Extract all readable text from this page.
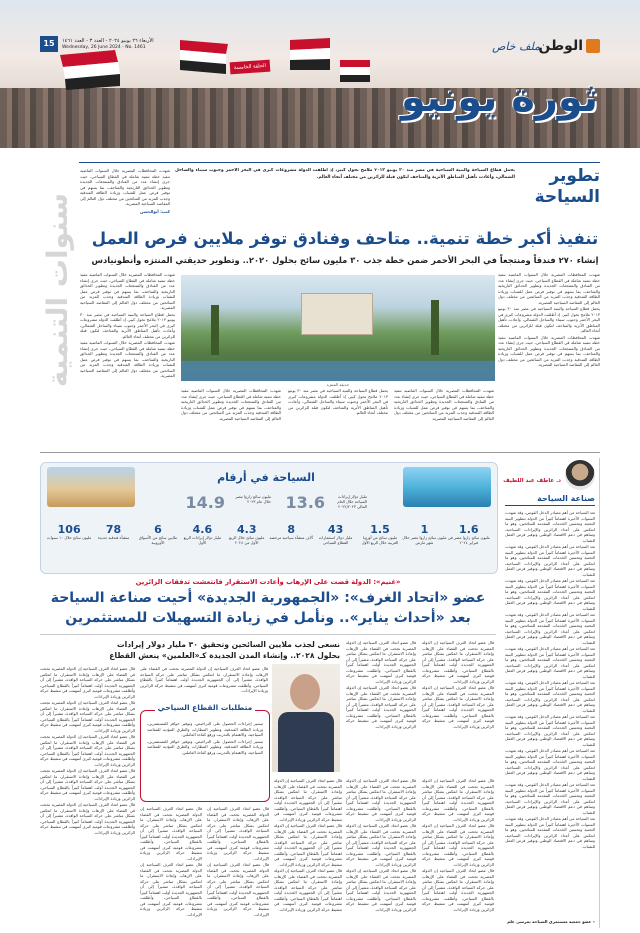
الوطن
ملف خاص
الأربعاء ٢٦ يونيو ٢٠٢٤ - العدد ٣ - العدد ١٤٦١
Wednesday, 26 June 2024 - No. 1461
15
الحلقة الخامسة
ثورة يونيو
سنوات التنمية
تطوير
السياحة
يحمل قطاع السياحة والبنية السياحية في مصر منذ ٣٠ يونيو ٢٠١٣ ملامح تحول كبير، إذ أطلقت الدولة مشروعات كبرى في البحر الأحمر وجنوب سيناء والساحل الشمالي، وأعادت تأهيل المناطق الأثرية والمتاحف لتكون قبلة للزائرين من مختلف أنحاء العالم.
شهدت المحافظات المصرية خلال السنوات الماضية تنفيذ خطة تنمية شاملة في القطاع السياحي، حيث جرى إنشاء عدد من الفنادق والمنتجعات الجديدة وتطوير الحدائق التاريخية والمتاحف، بما يسهم في توفير فرص عمل للشباب وزيادة الطاقة الفندقية وجذب المزيد من السائحين من مختلف دول العالم إلى المقاصد السياحية المصرية.
كتب: أبوالحسن
تنفيذ أكبر خطة تنمية.. متاحف وفنادق توفر ملايين فرص العمل
إنشاء ٢٧٠ فندقاً ومنتجعاً في البحر الأحمر ضمن خطة جذب ٣٠ مليون سائح بحلول ٢٠٢٠.. وتطوير حديقتي المنتزه وأنطونيادس

شهدت المحافظات المصرية خلال السنوات الماضية تنفيذ خطة تنمية شاملة في القطاع السياحي، حيث جرى إنشاء عدد من الفنادق والمنتجعات الجديدة وتطوير الحدائق التاريخية والمتاحف، بما يسهم في توفير فرص عمل للشباب وزيادة الطاقة الفندقية وجذب المزيد من السائحين من مختلف دول العالم إلى المقاصد السياحية المصرية.

يحمل قطاع السياحة والبنية السياحية في مصر منذ ٣٠ يونيو ٢٠١٣ ملامح تحول كبير، إذ أطلقت الدولة مشروعات كبرى في البحر الأحمر وجنوب سيناء والساحل الشمالي، وأعادت تأهيل المناطق الأثرية والمتاحف لتكون قبلة للزائرين من مختلف أنحاء العالم.

شهدت المحافظات المصرية خلال السنوات الماضية تنفيذ خطة تنمية شاملة في القطاع السياحي، حيث جرى إنشاء عدد من الفنادق والمنتجعات الجديدة وتطوير الحدائق التاريخية والمتاحف، بما يسهم في توفير فرص عمل للشباب وزيادة الطاقة الفندقية وجذب المزيد من السائحين من مختلف دول العالم إلى المقاصد السياحية المصرية.

شهدت المحافظات المصرية خلال السنوات الماضية تنفيذ خطة تنمية شاملة في القطاع السياحي، حيث جرى إنشاء عدد من الفنادق والمنتجعات الجديدة وتطوير الحدائق التاريخية والمتاحف، بما يسهم في توفير فرص عمل للشباب وزيادة الطاقة الفندقية وجذب المزيد من السائحين من مختلف دول العالم إلى المقاصد السياحية المصرية.

يحمل قطاع السياحة والبنية السياحية في مصر منذ ٣٠ يونيو ٢٠١٣ ملامح تحول كبير، إذ أطلقت الدولة مشروعات كبرى في البحر الأحمر وجنوب سيناء والساحل الشمالي، وأعادت تأهيل المناطق الأثرية والمتاحف لتكون قبلة للزائرين من مختلف أنحاء العالم.

شهدت المحافظات المصرية خلال السنوات الماضية تنفيذ خطة تنمية شاملة في القطاع السياحي، حيث جرى إنشاء عدد من الفنادق والمنتجعات الجديدة وتطوير الحدائق التاريخية والمتاحف، بما يسهم في توفير فرص عمل للشباب وزيادة الطاقة الفندقية وجذب المزيد من السائحين من مختلف دول العالم إلى المقاصد السياحية المصرية.

حديقة المنتزه

شهدت المحافظات المصرية خلال السنوات الماضية تنفيذ خطة تنمية شاملة في القطاع السياحي، حيث جرى إنشاء عدد من الفنادق والمنتجعات الجديدة وتطوير الحدائق التاريخية والمتاحف، بما يسهم في توفير فرص عمل للشباب وزيادة الطاقة الفندقية وجذب المزيد من السائحين من مختلف دول العالم إلى المقاصد السياحية المصرية.

يحمل قطاع السياحة والبنية السياحية في مصر منذ ٣٠ يونيو ٢٠١٣ ملامح تحول كبير، إذ أطلقت الدولة مشروعات كبرى في البحر الأحمر وجنوب سيناء والساحل الشمالي، وأعادت تأهيل المناطق الأثرية والمتاحف لتكون قبلة للزائرين من مختلف أنحاء العالم.

شهدت المحافظات المصرية خلال السنوات الماضية تنفيذ خطة تنمية شاملة في القطاع السياحي، حيث جرى إنشاء عدد من الفنادق والمنتجعات الجديدة وتطوير الحدائق التاريخية والمتاحف، بما يسهم في توفير فرص عمل للشباب وزيادة الطاقة الفندقية وجذب المزيد من السائحين من مختلف دول العالم إلى المقاصد السياحية المصرية.

د. عاطف عبد اللطيف
صناعة السياحة

تعد السياحة من أهم مصادر الدخل القومي، وقد شهدت السنوات الأخيرة اهتماماً كبيراً من الدولة بتطوير البنية التحتية وتحسين الخدمات المقدمة للسائحين، وهو ما انعكس على أعداد الزائرين والإيرادات السياحية، وساهم في دعم الاقتصاد الوطني وتوفير فرص العمل للشباب.

تعد السياحة من أهم مصادر الدخل القومي، وقد شهدت السنوات الأخيرة اهتماماً كبيراً من الدولة بتطوير البنية التحتية وتحسين الخدمات المقدمة للسائحين، وهو ما انعكس على أعداد الزائرين والإيرادات السياحية، وساهم في دعم الاقتصاد الوطني وتوفير فرص العمل للشباب.

تعد السياحة من أهم مصادر الدخل القومي، وقد شهدت السنوات الأخيرة اهتماماً كبيراً من الدولة بتطوير البنية التحتية وتحسين الخدمات المقدمة للسائحين، وهو ما انعكس على أعداد الزائرين والإيرادات السياحية، وساهم في دعم الاقتصاد الوطني وتوفير فرص العمل للشباب.

تعد السياحة من أهم مصادر الدخل القومي، وقد شهدت السنوات الأخيرة اهتماماً كبيراً من الدولة بتطوير البنية التحتية وتحسين الخدمات المقدمة للسائحين، وهو ما انعكس على أعداد الزائرين والإيرادات السياحية، وساهم في دعم الاقتصاد الوطني وتوفير فرص العمل للشباب.

تعد السياحة من أهم مصادر الدخل القومي، وقد شهدت السنوات الأخيرة اهتماماً كبيراً من الدولة بتطوير البنية التحتية وتحسين الخدمات المقدمة للسائحين، وهو ما انعكس على أعداد الزائرين والإيرادات السياحية، وساهم في دعم الاقتصاد الوطني وتوفير فرص العمل للشباب.

تعد السياحة من أهم مصادر الدخل القومي، وقد شهدت السنوات الأخيرة اهتماماً كبيراً من الدولة بتطوير البنية التحتية وتحسين الخدمات المقدمة للسائحين، وهو ما انعكس على أعداد الزائرين والإيرادات السياحية، وساهم في دعم الاقتصاد الوطني وتوفير فرص العمل للشباب.

تعد السياحة من أهم مصادر الدخل القومي، وقد شهدت السنوات الأخيرة اهتماماً كبيراً من الدولة بتطوير البنية التحتية وتحسين الخدمات المقدمة للسائحين، وهو ما انعكس على أعداد الزائرين والإيرادات السياحية، وساهم في دعم الاقتصاد الوطني وتوفير فرص العمل للشباب.

تعد السياحة من أهم مصادر الدخل القومي، وقد شهدت السنوات الأخيرة اهتماماً كبيراً من الدولة بتطوير البنية التحتية وتحسين الخدمات المقدمة للسائحين، وهو ما انعكس على أعداد الزائرين والإيرادات السياحية، وساهم في دعم الاقتصاد الوطني وتوفير فرص العمل للشباب.

تعد السياحة من أهم مصادر الدخل القومي، وقد شهدت السنوات الأخيرة اهتماماً كبيراً من الدولة بتطوير البنية التحتية وتحسين الخدمات المقدمة للسائحين، وهو ما انعكس على أعداد الزائرين والإيرادات السياحية، وساهم في دعم الاقتصاد الوطني وتوفير فرص العمل للشباب.

تعد السياحة من أهم مصادر الدخل القومي، وقد شهدت السنوات الأخيرة اهتماماً كبيراً من الدولة بتطوير البنية التحتية وتحسين الخدمات المقدمة للسائحين، وهو ما انعكس على أعداد الزائرين والإيرادات السياحية، وساهم في دعم الاقتصاد الوطني وتوفير فرص العمل للشباب.

٭ عضو جمعية مستثمري السياحة بمرسى علم
السياحة في أرقام
13.6	مليار دولار إيرادات السياحة خلال العام المالي ٢٠٢٢/٢٠٢٣
14.9	مليون سائح زاروا مصر خلال عام ٢٠٢٣
1.6
مليون سائح زاروا مصر في فبراير ٢٠٢٤
1
مليون سائح زاروا مصر خلال شهر مارس
1.5
مليون سائح من أوروبا الغربية خلال الربع الأول
43
مليار دولار استثمارات القطاع السياحي
8
آلاف منشأة سياحية مرخصة
4.3
مليون سائح خلال الربع الأول من ٢٠٢٤
4.6
مليار دولار إيرادات الربع الأول
6
ملايين سائح من الأسواق الأوروبية
78
منشأة فندقية جديدة
106
مليون سائح خلال ١٠ سنوات
«غنيم»: الدولة قضت على الإرهاب وأعادت الاستقرار فانتعشت تدفقات الزائرين
عضو «اتحاد الغرف»: «الجمهورية الجديدة» أحيت صناعة السياحة
بعد «أحداث يناير».. ونأمل في زيادة التسهيلات للمستثمرين
نسعى لجذب ملايين السائحين وتحقيق ٣٠ مليار دولار إيرادات
بحلول ٢٠٢٨.. وإنشاء المدن الجديدة كـ«العلمين» ينعش القطاع

قال عضو اتحاد الغرف السياحية إن الدولة المصرية نجحت في القضاء على الإرهاب وإعادة الاستقرار، ما انعكس بشكل مباشر على حركة السياحة الوافدة، مشيراً إلى أن الجمهورية الجديدة أولت اهتماماً كبيراً بالقطاع السياحي، وأطلقت مشروعات قومية كبرى أسهمت في تنشيط حركة الزائرين وزيادة الإيرادات.

قال عضو اتحاد الغرف السياحية إن الدولة المصرية نجحت في القضاء على الإرهاب وإعادة الاستقرار، ما انعكس بشكل مباشر على حركة السياحة الوافدة، مشيراً إلى أن الجمهورية الجديدة أولت اهتماماً كبيراً بالقطاع السياحي، وأطلقت مشروعات قومية كبرى أسهمت في تنشيط حركة الزائرين وزيادة الإيرادات.

قال عضو اتحاد الغرف السياحية إن الدولة المصرية نجحت في القضاء على الإرهاب وإعادة الاستقرار، ما انعكس بشكل مباشر على حركة السياحة الوافدة، مشيراً إلى أن الجمهورية الجديدة أولت اهتماماً كبيراً بالقطاع السياحي، وأطلقت مشروعات قومية كبرى أسهمت في تنشيط حركة الزائرين وزيادة الإيرادات.

قال عضو اتحاد الغرف السياحية إن الدولة المصرية نجحت في القضاء على الإرهاب وإعادة الاستقرار، ما انعكس بشكل مباشر على حركة السياحة الوافدة، مشيراً إلى أن الجمهورية الجديدة أولت اهتماماً كبيراً بالقطاع السياحي، وأطلقت مشروعات قومية كبرى أسهمت في تنشيط حركة الزائرين وزيادة الإيرادات.

متطلبات القطاع السياحي

تيسير إجراءات الحصول على التراخيص، وتوفير حوافز للمستثمرين، وزيادة الطاقة الفندقية، وتطوير المطارات والطرق المؤدية للمقاصد السياحية، والاهتمام بالتدريب ورفع كفاءة العاملين.

تيسير إجراءات الحصول على التراخيص، وتوفير حوافز للمستثمرين، وزيادة الطاقة الفندقية، وتطوير المطارات والطرق المؤدية للمقاصد السياحية، والاهتمام بالتدريب ورفع كفاءة العاملين.

قال عضو اتحاد الغرف السياحية إن الدولة المصرية نجحت في القضاء على الإرهاب وإعادة الاستقرار، ما انعكس بشكل مباشر على حركة السياحة الوافدة، مشيراً إلى أن الجمهورية الجديدة أولت اهتماماً كبيراً بالقطاع السياحي، وأطلقت مشروعات قومية كبرى أسهمت في تنشيط حركة الزائرين وزيادة الإيرادات.

قال عضو اتحاد الغرف السياحية إن الدولة المصرية نجحت في القضاء على الإرهاب وإعادة الاستقرار، ما انعكس بشكل مباشر على حركة السياحة الوافدة، مشيراً إلى أن الجمهورية الجديدة أولت اهتماماً كبيراً بالقطاع السياحي، وأطلقت مشروعات قومية كبرى أسهمت في تنشيط حركة الزائرين وزيادة الإيرادات.

قال عضو اتحاد الغرف السياحية إن الدولة المصرية نجحت في القضاء على الإرهاب وإعادة الاستقرار، ما انعكس بشكل مباشر على حركة السياحة الوافدة، مشيراً إلى أن الجمهورية الجديدة أولت اهتماماً كبيراً بالقطاع السياحي، وأطلقت مشروعات قومية كبرى أسهمت في تنشيط حركة الزائرين وزيادة الإيرادات.

قال عضو اتحاد الغرف السياحية إن الدولة المصرية نجحت في القضاء على الإرهاب وإعادة الاستقرار، ما انعكس بشكل مباشر على حركة السياحة الوافدة، مشيراً إلى أن الجمهورية الجديدة أولت اهتماماً كبيراً بالقطاع السياحي، وأطلقت مشروعات قومية كبرى أسهمت في تنشيط حركة الزائرين وزيادة الإيرادات.

قال عضو اتحاد الغرف السياحية إن الدولة المصرية نجحت في القضاء على الإرهاب وإعادة الاستقرار، ما انعكس بشكل مباشر على حركة السياحة الوافدة، مشيراً إلى أن الجمهورية الجديدة أولت اهتماماً كبيراً بالقطاع السياحي، وأطلقت مشروعات قومية كبرى أسهمت في تنشيط حركة الزائرين وزيادة الإيرادات.

قال عضو اتحاد الغرف السياحية إن الدولة المصرية نجحت في القضاء على الإرهاب وإعادة الاستقرار، ما انعكس بشكل مباشر على حركة السياحة الوافدة، مشيراً إلى أن الجمهورية الجديدة أولت اهتماماً كبيراً بالقطاع السياحي، وأطلقت مشروعات قومية كبرى أسهمت في تنشيط حركة الزائرين وزيادة الإيرادات.

قال عضو اتحاد الغرف السياحية إن الدولة المصرية نجحت في القضاء على الإرهاب وإعادة الاستقرار، ما انعكس بشكل مباشر على حركة السياحة الوافدة، مشيراً إلى أن الجمهورية الجديدة أولت اهتماماً كبيراً بالقطاع السياحي، وأطلقت مشروعات قومية كبرى أسهمت في تنشيط حركة الزائرين وزيادة الإيرادات.

قال عضو اتحاد الغرف السياحية إن الدولة المصرية نجحت في القضاء على الإرهاب وإعادة الاستقرار، ما انعكس بشكل مباشر على حركة السياحة الوافدة، مشيراً إلى أن الجمهورية الجديدة أولت اهتماماً كبيراً بالقطاع السياحي، وأطلقت مشروعات قومية كبرى أسهمت في تنشيط حركة الزائرين وزيادة الإيرادات.

قال عضو اتحاد الغرف السياحية إن الدولة المصرية نجحت في القضاء على الإرهاب وإعادة الاستقرار، ما انعكس بشكل مباشر على حركة السياحة الوافدة، مشيراً إلى أن الجمهورية الجديدة أولت اهتماماً كبيراً بالقطاع السياحي، وأطلقت مشروعات قومية كبرى أسهمت في تنشيط حركة الزائرين وزيادة الإيرادات.

قال عضو اتحاد الغرف السياحية إن الدولة المصرية نجحت في القضاء على الإرهاب وإعادة الاستقرار، ما انعكس بشكل مباشر على حركة السياحة الوافدة، مشيراً إلى أن الجمهورية الجديدة أولت اهتماماً كبيراً بالقطاع السياحي، وأطلقت مشروعات قومية كبرى أسهمت في تنشيط حركة الزائرين وزيادة الإيرادات.

قال عضو اتحاد الغرف السياحية إن الدولة المصرية نجحت في القضاء على الإرهاب وإعادة الاستقرار، ما انعكس بشكل مباشر على حركة السياحة الوافدة، مشيراً إلى أن الجمهورية الجديدة أولت اهتماماً كبيراً بالقطاع السياحي، وأطلقت مشروعات قومية كبرى أسهمت في تنشيط حركة الزائرين وزيادة الإيرادات.

قال عضو اتحاد الغرف السياحية إن الدولة المصرية نجحت في القضاء على الإرهاب وإعادة الاستقرار، ما انعكس بشكل مباشر على حركة السياحة الوافدة، مشيراً إلى أن الجمهورية الجديدة أولت اهتماماً كبيراً بالقطاع السياحي، وأطلقت مشروعات قومية كبرى أسهمت في تنشيط حركة الزائرين وزيادة الإيرادات.

قال عضو اتحاد الغرف السياحية إن الدولة المصرية نجحت في القضاء على الإرهاب وإعادة الاستقرار، ما انعكس بشكل مباشر على حركة السياحة الوافدة، مشيراً إلى أن الجمهورية الجديدة أولت اهتماماً كبيراً بالقطاع السياحي، وأطلقت مشروعات قومية كبرى أسهمت في تنشيط حركة الزائرين وزيادة الإيرادات.

قال عضو اتحاد الغرف السياحية إن الدولة المصرية نجحت في القضاء على الإرهاب وإعادة الاستقرار، ما انعكس بشكل مباشر على حركة السياحة الوافدة، مشيراً إلى أن الجمهورية الجديدة أولت اهتماماً كبيراً بالقطاع السياحي، وأطلقت مشروعات قومية كبرى أسهمت في تنشيط حركة الزائرين وزيادة الإيرادات.

قال عضو اتحاد الغرف السياحية إن الدولة المصرية نجحت في القضاء على الإرهاب وإعادة الاستقرار، ما انعكس بشكل مباشر على حركة السياحة الوافدة، مشيراً إلى أن الجمهورية الجديدة أولت اهتماماً كبيراً بالقطاع السياحي، وأطلقت مشروعات قومية كبرى أسهمت في تنشيط حركة الزائرين وزيادة الإيرادات.

قال عضو اتحاد الغرف السياحية إن الدولة المصرية نجحت في القضاء على الإرهاب وإعادة الاستقرار، ما انعكس بشكل مباشر على حركة السياحة الوافدة، مشيراً إلى أن الجمهورية الجديدة أولت اهتماماً كبيراً بالقطاع السياحي، وأطلقت مشروعات قومية كبرى أسهمت في تنشيط حركة الزائرين وزيادة الإيرادات.

قال عضو اتحاد الغرف السياحية إن الدولة المصرية نجحت في القضاء على الإرهاب وإعادة الاستقرار، ما انعكس بشكل مباشر على حركة السياحة الوافدة، مشيراً إلى أن الجمهورية الجديدة أولت اهتماماً كبيراً بالقطاع السياحي، وأطلقت مشروعات قومية كبرى أسهمت في تنشيط حركة الزائرين وزيادة الإيرادات.

قال عضو اتحاد الغرف السياحية إن الدولة المصرية نجحت في القضاء على الإرهاب وإعادة الاستقرار، ما انعكس بشكل مباشر على حركة السياحة الوافدة، مشيراً إلى أن الجمهورية الجديدة أولت اهتماماً كبيراً بالقطاع السياحي، وأطلقت مشروعات قومية كبرى أسهمت في تنشيط حركة الزائرين وزيادة الإيرادات.

قال عضو اتحاد الغرف السياحية إن الدولة المصرية نجحت في القضاء على الإرهاب وإعادة الاستقرار، ما انعكس بشكل مباشر على حركة السياحة الوافدة، مشيراً إلى أن الجمهورية الجديدة أولت اهتماماً كبيراً بالقطاع السياحي، وأطلقت مشروعات قومية كبرى أسهمت في تنشيط حركة الزائرين وزيادة الإيرادات.
